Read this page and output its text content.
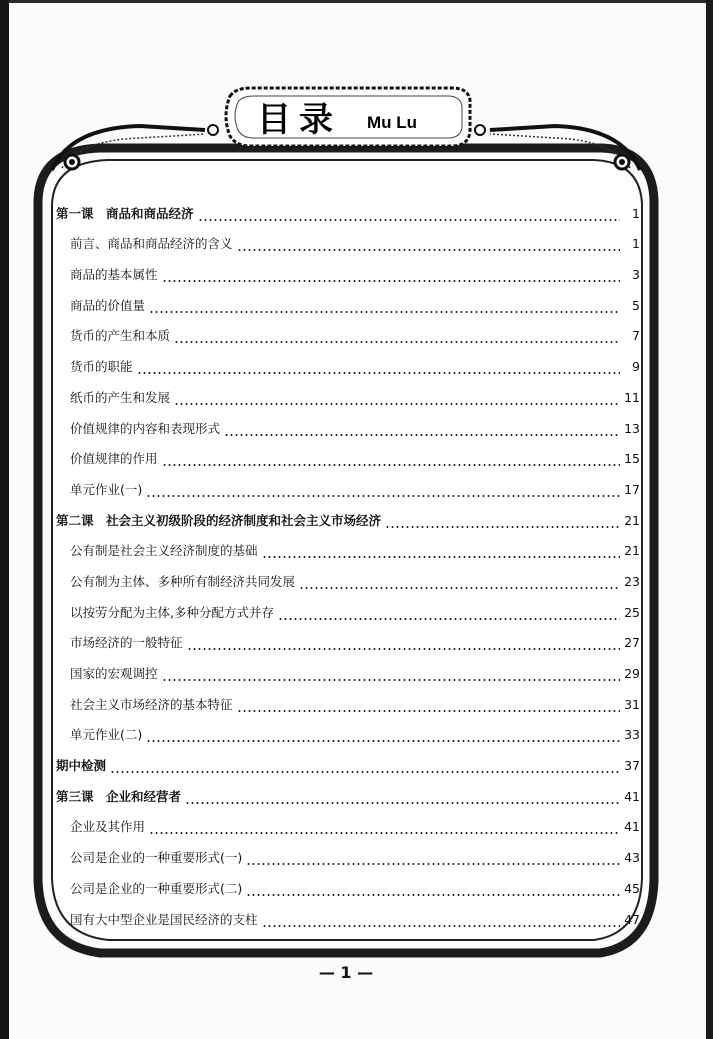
目录	Mu Lu
第一课　商品和商品经济	1
前言、商品和商品经济的含义	1
商品的基本属性	3
商品的价值量	5
货币的产生和本质	7
货币的职能	9
纸币的产生和发展	11
价值规律的内容和表现形式	13
价值规律的作用	15
单元作业(一)	17
第二课　社会主义初级阶段的经济制度和社会主义市场经济	21
公有制是社会主义经济制度的基础	21
公有制为主体、多种所有制经济共同发展	23
以按劳分配为主体,多种分配方式并存	25
市场经济的一般特征	27
国家的宏观调控	29
社会主义市场经济的基本特征	31
单元作业(二)	33
期中检测	37
第三课　企业和经营者	41
企业及其作用	41
公司是企业的一种重要形式(一)	43
公司是企业的一种重要形式(二)	45
国有大中型企业是国民经济的支柱	47
— 1 —
